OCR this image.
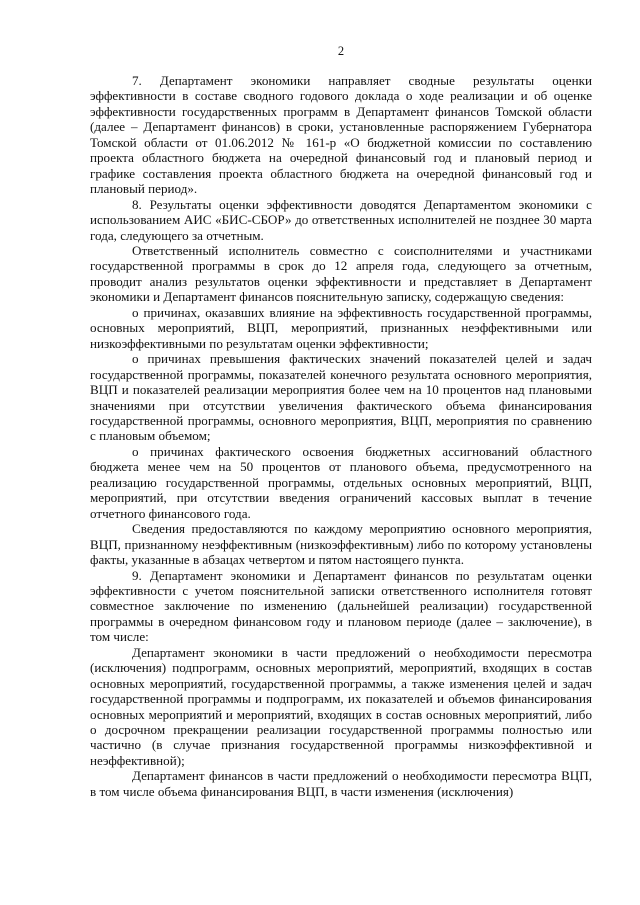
2

7. Департамент экономики направляет сводные результаты оценки эффективности в составе сводного годового доклада о ходе реализации и об оценке эффективности государственных программ в Департамент финансов Томской области (далее – Департамент финансов) в сроки, установленные распоряжением Губернатора Томской области от 01.06.2012 № 161-р «О бюджетной комиссии по составлению проекта областного бюджета на очередной финансовый год и плановый период и графике составления проекта областного бюджета на очередной финансовый год и плановый период».

8. Результаты оценки эффективности доводятся Департаментом экономики с использованием АИС «БИС-СБОР» до ответственных исполнителей не позднее 30 марта года, следующего за отчетным.

Ответственный исполнитель совместно с соисполнителями и участниками государственной программы в срок до 12 апреля года, следующего за отчетным, проводит анализ результатов оценки эффективности и представляет в Департамент экономики и Департамент финансов пояснительную записку, содержащую сведения:

о причинах, оказавших влияние на эффективность государственной программы, основных мероприятий, ВЦП, мероприятий, признанных неэффективными или низкоэффективными по результатам оценки эффективности;

о причинах превышения фактических значений показателей целей и задач государственной программы, показателей конечного результата основного мероприятия, ВЦП и показателей реализации мероприятия более чем на 10 процентов над плановыми значениями при отсутствии увеличения фактического объема финансирования государственной программы, основного мероприятия, ВЦП, мероприятия по сравнению с плановым объемом;

о причинах фактического освоения бюджетных ассигнований областного бюджета менее чем на 50 процентов от планового объема, предусмотренного на реализацию государственной программы, отдельных основных мероприятий, ВЦП, мероприятий, при отсутствии введения ограничений кассовых выплат в течение отчетного финансового года.

Сведения предоставляются по каждому мероприятию основного мероприятия, ВЦП, признанному неэффективным (низкоэффективным) либо по которому установлены факты, указанные в абзацах четвертом и пятом настоящего пункта.

9. Департамент экономики и Департамент финансов по результатам оценки эффективности с учетом пояснительной записки ответственного исполнителя готовят совместное заключение по изменению (дальнейшей реализации) государственной программы в очередном финансовом году и плановом периоде (далее – заключение), в том числе:

Департамент экономики в части предложений о необходимости пересмотра (исключения) подпрограмм, основных мероприятий, мероприятий, входящих в состав основных мероприятий, государственной программы, а также изменения целей и задач государственной программы и подпрограмм, их показателей и объемов финансирования основных мероприятий и мероприятий, входящих в состав основных мероприятий, либо о досрочном прекращении реализации государственной программы полностью или частично (в случае признания государственной программы низкоэффективной и неэффективной);

Департамент финансов в части предложений о необходимости пересмотра ВЦП, в том числе объема финансирования ВЦП, в части изменения (исключения)
